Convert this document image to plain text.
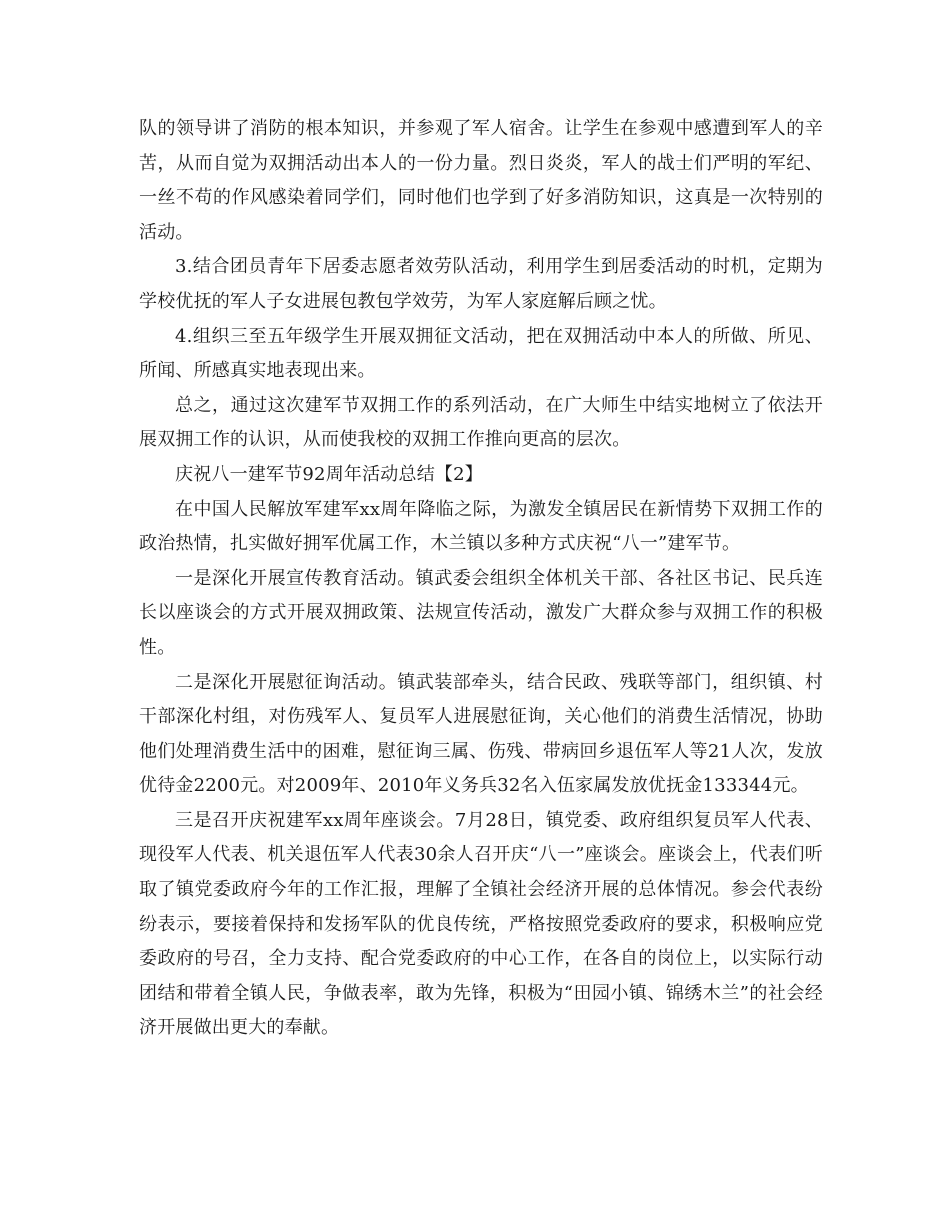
队的领导讲了消防的根本知识，并参观了军人宿舍。让学生在参观中感遭到军人的辛苦，从而自觉为双拥活动出本人的一份力量。烈日炎炎，军人的战士们严明的军纪、一丝不苟的作风感染着同学们，同时他们也学到了好多消防知识，这真是一次特别的活动。

3.结合团员青年下居委志愿者效劳队活动，利用学生到居委活动的时机，定期为学校优抚的军人子女进展包教包学效劳，为军人家庭解后顾之忧。

4.组织三至五年级学生开展双拥征文活动，把在双拥活动中本人的所做、所见、所闻、所感真实地表现出来。

总之，通过这次建军节双拥工作的系列活动，在广大师生中结实地树立了依法开展双拥工作的认识，从而使我校的双拥工作推向更高的层次。

庆祝八一建军节92周年活动总结【2】

在中国人民解放军建军xx周年降临之际，为激发全镇居民在新情势下双拥工作的政治热情，扎实做好拥军优属工作，木兰镇以多种方式庆祝“八一”建军节。

一是深化开展宣传教育活动。镇武委会组织全体机关干部、各社区书记、民兵连长以座谈会的方式开展双拥政策、法规宣传活动，激发广大群众参与双拥工作的积极性。

二是深化开展慰征询活动。镇武装部牵头，结合民政、残联等部门，组织镇、村干部深化村组，对伤残军人、复员军人进展慰征询，关心他们的消费生活情况，协助他们处理消费生活中的困难，慰征询三属、伤残、带病回乡退伍军人等21人次，发放优待金2200元。对2009年、2010年义务兵32名入伍家属发放优抚金133344元。

三是召开庆祝建军xx周年座谈会。7月28日，镇党委、政府组织复员军人代表、现役军人代表、机关退伍军人代表30余人召开庆“八一”座谈会。座谈会上，代表们听取了镇党委政府今年的工作汇报，理解了全镇社会经济开展的总体情况。参会代表纷纷表示，要接着保持和发扬军队的优良传统，严格按照党委政府的要求，积极响应党委政府的号召，全力支持、配合党委政府的中心工作，在各自的岗位上，以实际行动团结和带着全镇人民，争做表率，敢为先锋，积极为“田园小镇、锦绣木兰”的社会经济开展做出更大的奉献。
